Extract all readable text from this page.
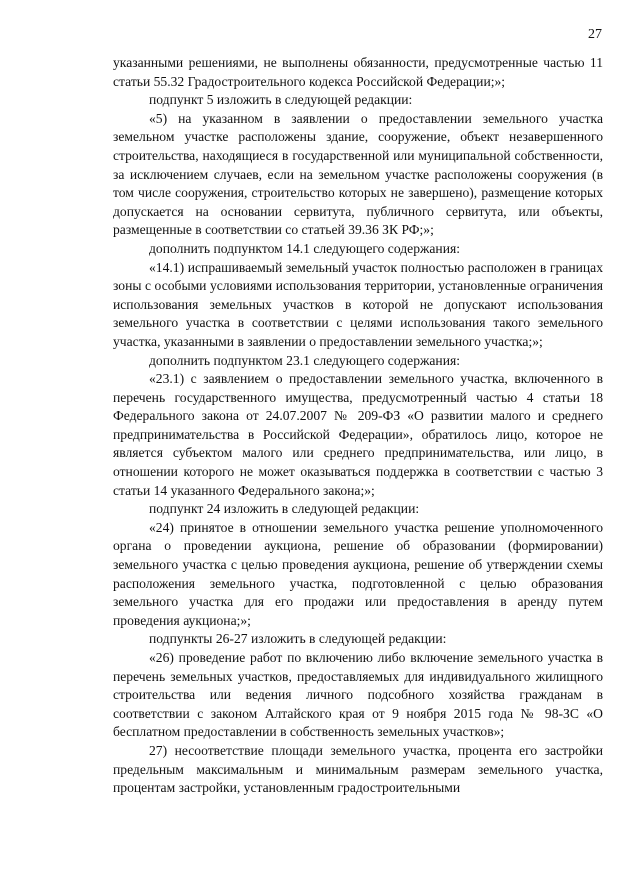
27

указанными решениями, не выполнены обязанности, предусмотренные частью 11 статьи 55.32 Градостроительного кодекса Российской Федерации;»;

подпункт 5 изложить в следующей редакции:

«5) на указанном в заявлении о предоставлении земельного участка земельном участке расположены здание, сооружение, объект незавершенного строительства, находящиеся в государственной или муниципальной собственности, за исключением случаев, если на земельном участке расположены сооружения (в том числе сооружения, строительство которых не завершено), размещение которых допускается на основании сервитута, публичного сервитута, или объекты, размещенные в соответствии со статьей 39.36 ЗК РФ;»;

дополнить подпунктом 14.1 следующего содержания:

«14.1) испрашиваемый земельный участок полностью расположен в границах зоны с особыми условиями использования территории, установленные ограничения использования земельных участков в которой не допускают использования земельного участка в соответствии с целями использования такого земельного участка, указанными в заявлении о предоставлении земельного участка;»;

дополнить подпунктом 23.1 следующего содержания:

«23.1) с заявлением о предоставлении земельного участка, включенного в перечень государственного имущества, предусмотренный частью 4 статьи 18 Федерального закона от 24.07.2007 № 209-ФЗ «О развитии малого и среднего предпринимательства в Российской Федерации», обратилось лицо, которое не является субъектом малого или среднего предпринимательства, или лицо, в отношении которого не может оказываться поддержка в соответствии с частью 3 статьи 14 указанного Федерального закона;»;

подпункт 24 изложить в следующей редакции:

«24) принятое в отношении земельного участка решение уполномоченного органа о проведении аукциона, решение об образовании (формировании) земельного участка с целью проведения аукциона, решение об утверждении схемы расположения земельного участка, подготовленной с целью образования земельного участка для его продажи или предоставления в аренду путем проведения аукциона;»;

подпункты 26-27 изложить в следующей редакции:

«26) проведение работ по включению либо включение земельного участка в перечень земельных участков, предоставляемых для индивидуального жилищного строительства или ведения личного подсобного хозяйства гражданам в соответствии с законом Алтайского края от 9 ноября 2015 года № 98-ЗС «О бесплатном предоставлении в собственность земельных участков»;

27) несоответствие площади земельного участка, процента его застройки предельным максимальным и минимальным размерам земельного участка, процентам застройки, установленным градостроительными
